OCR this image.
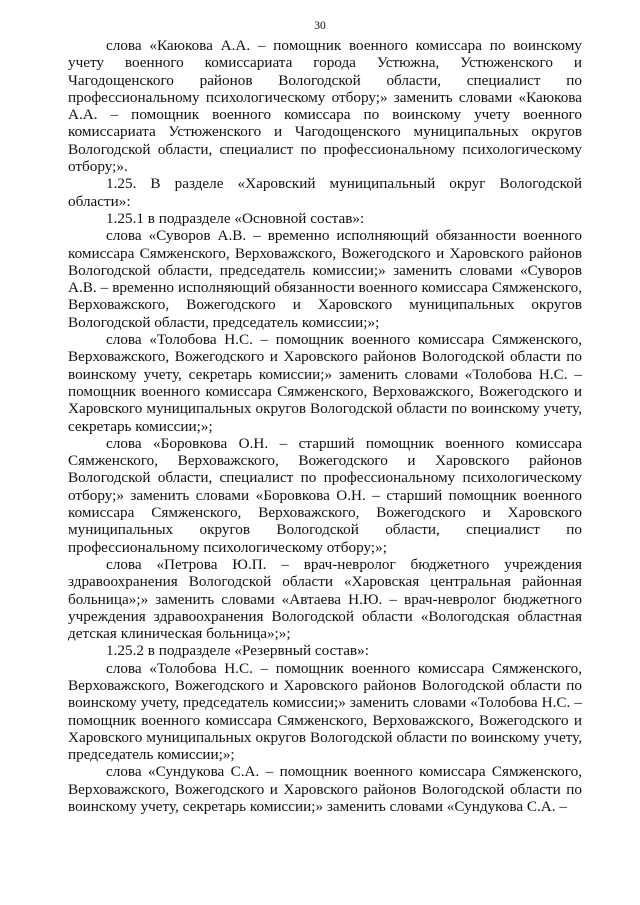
30

слова «Каюкова А.А. – помощник военного комиссара по воинскому учету военного комиссариата города Устюжна, Устюженского и Чагодощенского районов Вологодской области, специалист по профессиональному психологическому отбору;» заменить словами «Каюкова А.А. – помощник военного комиссара по воинскому учету военного комиссариата Устюженского и Чагодощенского муниципальных округов Вологодской области, специалист по профессиональному психологическому отбору;».

1.25. В разделе «Харовский муниципальный округ Вологодской области»:

1.25.1 в подразделе «Основной состав»:

слова «Суворов А.В. – временно исполняющий обязанности военного комиссара Сямженского, Верховажского, Вожегодского и Харовского районов Вологодской области, председатель комиссии;» заменить словами «Суворов А.В. – временно исполняющий обязанности военного комиссара Сямженского, Верховажского, Вожегодского и Харовского муниципальных округов Вологодской области, председатель комиссии;»;

слова «Толобова Н.С. – помощник военного комиссара Сямженского, Верховажского, Вожегодского и Харовского районов Вологодской области по воинскому учету, секретарь комиссии;» заменить словами «Толобова Н.С. – помощник военного комиссара Сямженского, Верховажского, Вожегодского и Харовского муниципальных округов Вологодской области по воинскому учету, секретарь комиссии;»;

слова «Боровкова О.Н. – старший помощник военного комиссара Сямженского, Верховажского, Вожегодского и Харовского районов Вологодской области, специалист по профессиональному психологическому отбору;» заменить словами «Боровкова О.Н. – старший помощник военного комиссара Сямженского, Верховажского, Вожегодского и Харовского муниципальных округов Вологодской области, специалист по профессиональному психологическому отбору;»;

слова «Петрова Ю.П. – врач-невролог бюджетного учреждения здравоохранения Вологодской области «Харовская центральная районная больница»;» заменить словами «Автаева Н.Ю. – врач-невролог бюджетного учреждения здравоохранения Вологодской области «Вологодская областная детская клиническая больница»;»;

1.25.2 в подразделе «Резервный состав»:

слова «Толобова Н.С. – помощник военного комиссара Сямженского, Верховажского, Вожегодского и Харовского районов Вологодской области по воинскому учету, председатель комиссии;» заменить словами «Толобова Н.С. – помощник военного комиссара Сямженского, Верховажского, Вожегодского и Харовского муниципальных округов Вологодской области по воинскому учету, председатель комиссии;»;

слова «Сундукова С.А. – помощник военного комиссара Сямженского, Верховажского, Вожегодского и Харовского районов Вологодской области по воинскому учету, секретарь комиссии;» заменить словами «Сундукова С.А. –
